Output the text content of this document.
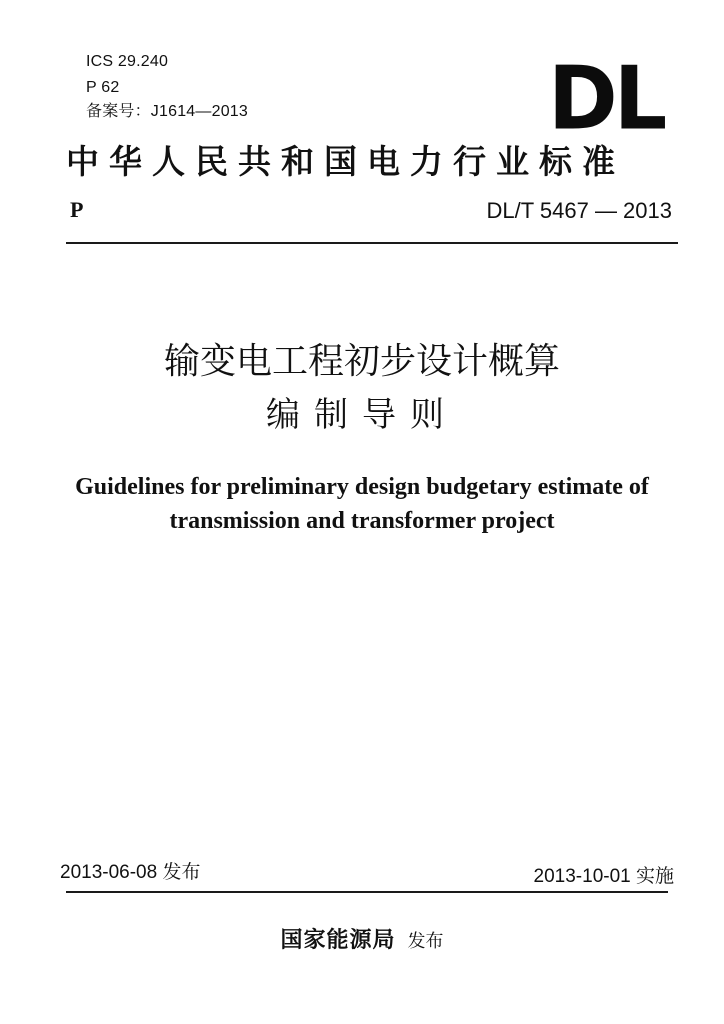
ICS 29.240
P 62
备案号：J1614—2013	DL
中华人民共和国电力行业标准
P	DL/T 5467 — 2013
输变电工程初步设计概算
编制导则
Guidelines for preliminary design budgetary estimate of transmission and transformer project
2013-06-08 发布	2013-10-01 实施
国家能源局 发布
